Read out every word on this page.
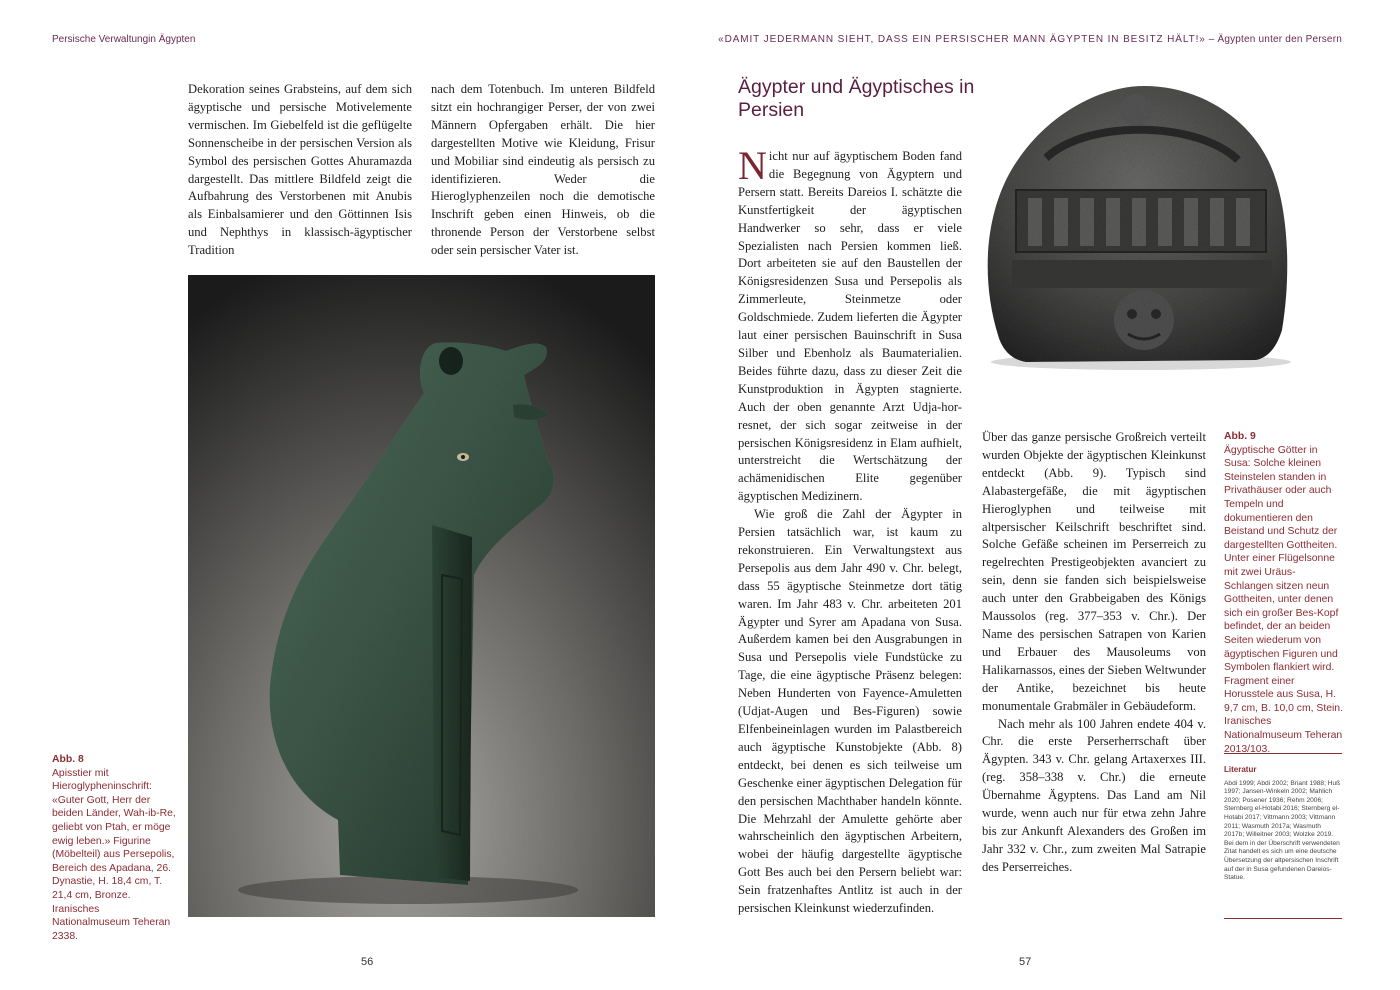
Persische Verwaltungin Ägypten	«DAMIT JEDERMANN SIEHT, DASS EIN PERSISCHER MANN ÄGYPTEN IN BESITZ HÄLT!» – Ägypten unter den Persern

Dekoration seines Grabsteins, auf dem sich ägyptische und persische Motivelemente vermischen. Im Giebelfeld ist die geflügelte Sonnenscheibe in der persischen Version als Symbol des persischen Gottes Ahuramazda dargestellt. Das mittlere Bildfeld zeigt die Aufbahrung des Verstorbenen mit Anubis als Einbalsamierer und den Göttinnen Isis und Nephthys in klassisch-ägyptischer Tradition

nach dem Totenbuch. Im unteren Bildfeld sitzt ein hochrangiger Perser, der von zwei Männern Opfergaben erhält. Die hier dargestellten Motive wie Kleidung, Frisur und Mobiliar sind eindeutig als persisch zu identifizieren. Weder die Hieroglyphenzeilen noch die demotische Inschrift geben einen Hinweis, ob die thronende Person der Verstorbene selbst oder sein persischer Vater ist.

Abb. 8
Apisstier mit Hieroglypheninschrift: «Guter Gott, Herr der beiden Länder, Wah-ib-Re, geliebt von Ptah, er möge ewig leben.» Figurine (Möbelteil) aus Persepolis, Bereich des Apadana, 26. Dynastie, H. 18,4 cm, T. 21,4 cm, Bronze. Iranisches Nationalmuseum Teheran 2338.
56
Ägypter und Ägyptisches in Persien

Nicht nur auf ägyptischem Boden fand die Begegnung von Ägyptern und Persern statt. Bereits Dareios I. schätzte die Kunstfertigkeit der ägyptischen Handwerker so sehr, dass er viele Spezialisten nach Persien kommen ließ. Dort arbeiteten sie auf den Baustellen der Königsresidenzen Susa und Persepolis als Zimmerleute, Steinmetze oder Goldschmiede. Zudem lieferten die Ägypter laut einer persischen Bauinschrift in Susa Silber und Ebenholz als Baumaterialien. Beides führte dazu, dass zu dieser Zeit die Kunstproduktion in Ägypten stagnierte. Auch der oben genannte Arzt Udja-hor-resnet, der sich sogar zeitweise in der persischen Königsresidenz in Elam aufhielt, unterstreicht die Wertschätzung der achämenidischen Elite gegenüber ägyptischen Medizinern.

Wie groß die Zahl der Ägypter in Persien tatsächlich war, ist kaum zu rekonstruieren. Ein Verwaltungstext aus Persepolis aus dem Jahr 490 v. Chr. belegt, dass 55 ägyptische Steinmetze dort tätig waren. Im Jahr 483 v. Chr. arbeiteten 201 Ägypter und Syrer am Apadana von Susa. Außerdem kamen bei den Ausgrabungen in Susa und Persepolis viele Fundstücke zu Tage, die eine ägyptische Präsenz belegen: Neben Hunderten von Fayence-Amuletten (Udjat-Augen und Bes-Figuren) sowie Elfenbeineinlagen wurden im Palastbereich auch ägyptische Kunstobjekte (Abb. 8) entdeckt, bei denen es sich teilweise um Geschenke einer ägyptischen Delegation für den persischen Machthaber handeln könnte. Die Mehrzahl der Amulette gehörte aber wahrscheinlich den ägyptischen Arbeitern, wobei der häufig dargestellte ägyptische Gott Bes auch bei den Persern beliebt war: Sein fratzenhaftes Antlitz ist auch in der persischen Kleinkunst wiederzufinden.

Über das ganze persische Großreich verteilt wurden Objekte der ägyptischen Kleinkunst entdeckt (Abb. 9). Typisch sind Alabastergefäße, die mit ägyptischen Hieroglyphen und teilweise mit altpersischer Keilschrift beschriftet sind. Solche Gefäße scheinen im Perserreich zu regelrechten Prestigeobjekten avanciert zu sein, denn sie fanden sich beispielsweise auch unter den Grabbeigaben des Königs Maussolos (reg. 377–353 v. Chr.). Der Name des persischen Satrapen von Karien und Erbauer des Mausoleums von Halikarnassos, eines der Sieben Weltwunder der Antike, bezeichnet bis heute monumentale Grabmäler in Gebäudeform.

Nach mehr als 100 Jahren endete 404 v. Chr. die erste Perserherrschaft über Ägypten. 343 v. Chr. gelang Artaxerxes III. (reg. 358–338 v. Chr.) die erneute Übernahme Ägyptens. Das Land am Nil wurde, wenn auch nur für etwa zehn Jahre bis zur Ankunft Alexanders des Großen im Jahr 332 v. Chr., zum zweiten Mal Satrapie des Perserreiches.

Abb. 9
Ägyptische Götter in Susa: Solche kleinen Steinstelen standen in Privathäuser oder auch Tempeln und dokumentieren den Beistand und Schutz der dargestellten Gottheiten. Unter einer Flügelsonne mit zwei Uräus-Schlangen sitzen neun Gottheiten, unter denen sich ein großer Bes-Kopf befindet, der an beiden Seiten wiederum von ägyptischen Figuren und Symbolen flankiert wird. Fragment einer Horusstele aus Susa, H. 9,7 cm, B. 10,0 cm, Stein. Iranisches Nationalmuseum Teheran 2013/103.
Literatur
Abdi 1999; Abdi 2002; Briant 1988; Huß 1997; Jansen-Winkeln 2002; Mahlich 2020; Posener 1936; Rehm 2006; Sternberg el-Hotabi 2016; Sternberg el-Hotabi 2017; Vittmann 2003; Vittmann 2011; Wasmuth 2017a; Wasmuth 2017b; Willeitner 2003; Wolzke 2019. Bei dem in der Überschrift verwendeten Zitat handelt es sich um eine deutsche Übersetzung der altpersischen Inschrift auf der in Susa gefundenen Dareios-Statue.
57
